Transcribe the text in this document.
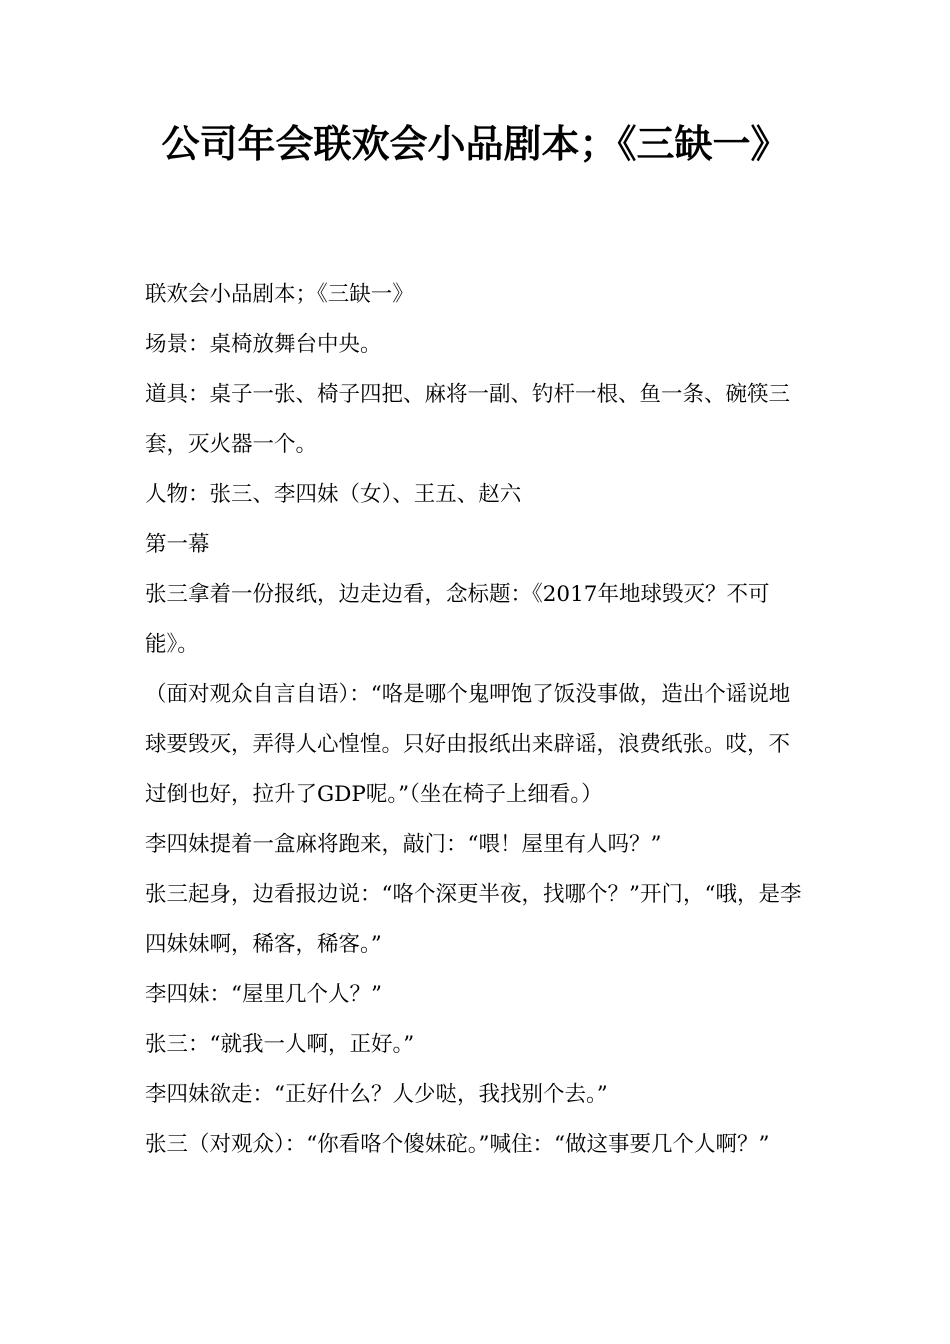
公司年会联欢会小品剧本；《三缺一》

联欢会小品剧本；《三缺一》

场景：桌椅放舞台中央。

道具：桌子一张、椅子四把、麻将一副、钓杆一根、鱼一条、碗筷三套，灭火器一个。

人物：张三、李四妹（女）、王五、赵六

第一幕

张三拿着一份报纸，边走边看，念标题：《2017年地球毁灭？不可能》。

（面对观众自言自语）：“咯是哪个鬼呷饱了饭没事做，造出个谣说地球要毁灭，弄得人心惶惶。只好由报纸出来辟谣，浪费纸张。哎，不过倒也好，拉升了GDP呢。”（坐在椅子上细看。）

李四妹提着一盒麻将跑来，敲门：“喂！屋里有人吗？”

张三起身，边看报边说：“咯个深更半夜，找哪个？”开门，“哦，是李四妹妹啊，稀客，稀客。”

李四妹：“屋里几个人？”

张三：“就我一人啊，正好。”

李四妹欲走：“正好什么？人少哒，我找别个去。”

张三（对观众）：“你看咯个傻妹砣。”喊住：“做这事要几个人啊？”
